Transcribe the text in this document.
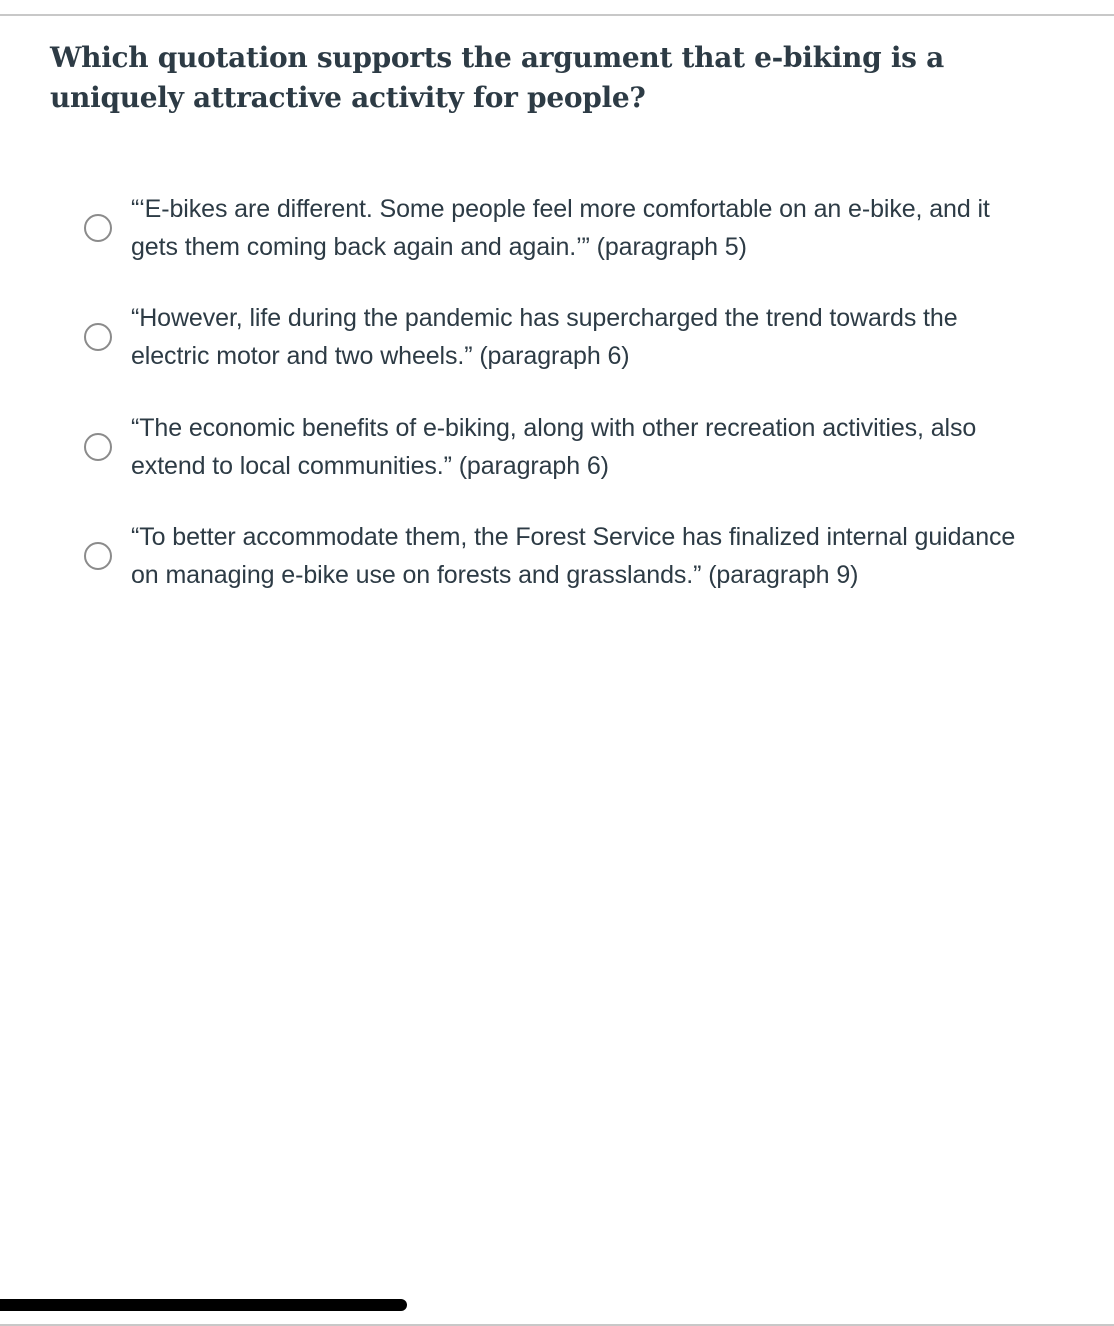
Which quotation supports the argument that e-biking is a uniquely attractive activity for people?
“‘E-bikes are different. Some people feel more comfortable on an e-bike, and it gets them coming back again and again.’” (paragraph 5)
“However, life during the pandemic has supercharged the trend towards the electric motor and two wheels.” (paragraph 6)
“The economic benefits of e-biking, along with other recreation activities, also extend to local communities.” (paragraph 6)
“To better accommodate them, the Forest Service has finalized internal guidance on managing e-bike use on forests and grasslands.” (paragraph 9)
